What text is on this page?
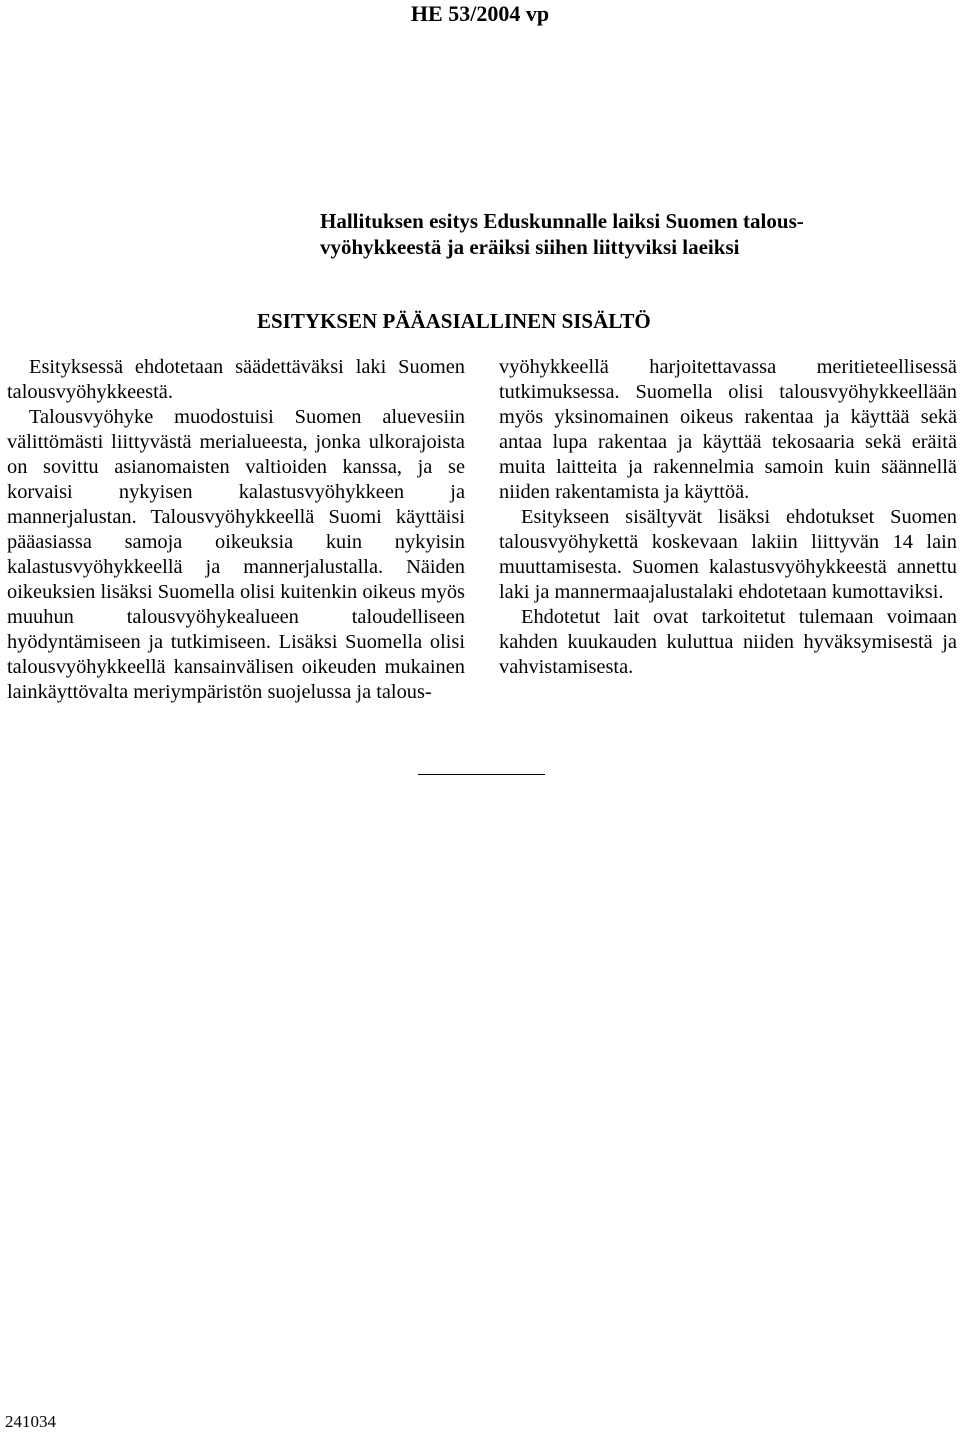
HE 53/2004 vp
Hallituksen esitys Eduskunnalle laiksi Suomen talous-
vyöhykkeestä ja eräiksi siihen liittyviksi laeiksi
ESITYKSEN PÄÄASIALLINEN SISÄLTÖ

Esityksessä ehdotetaan säädettäväksi laki Suomen talousvyöhykkeestä.

Talousvyöhyke muodostuisi Suomen aluevesiin välittömästi liittyvästä merialueesta, jonka ulkorajoista on sovittu asianomaisten valtioiden kanssa, ja se korvaisi nykyisen kalastusvyöhykkeen ja mannerjalustan. Talousvyöhykkeellä Suomi käyttäisi pääasiassa samoja oikeuksia kuin nykyisin kalastusvyöhykkeellä ja mannerjalustalla. Näiden oikeuksien lisäksi Suomella olisi kuitenkin oikeus myös muuhun talousvyöhykealueen taloudelliseen hyödyntämiseen ja tutkimiseen. Lisäksi Suomella olisi talousvyöhykkeellä kansainvälisen oikeuden mukainen lainkäyttövalta meriympäristön suojelussa ja talous-

vyöhykkeellä harjoitettavassa meritieteellisessä tutkimuksessa. Suomella olisi talousvyöhykkeellään myös yksinomainen oikeus rakentaa ja käyttää sekä antaa lupa rakentaa ja käyttää tekosaaria sekä eräitä muita laitteita ja rakennelmia samoin kuin säännellä niiden rakentamista ja käyttöä.

Esitykseen sisältyvät lisäksi ehdotukset Suomen talousvyöhykettä koskevaan lakiin liittyvän 14 lain muuttamisesta. Suomen kalastusvyöhykkeestä annettu laki ja mannermaajalustalaki ehdotetaan kumottaviksi.

Ehdotetut lait ovat tarkoitetut tulemaan voimaan kahden kuukauden kuluttua niiden hyväksymisestä ja vahvistamisesta.

241034
